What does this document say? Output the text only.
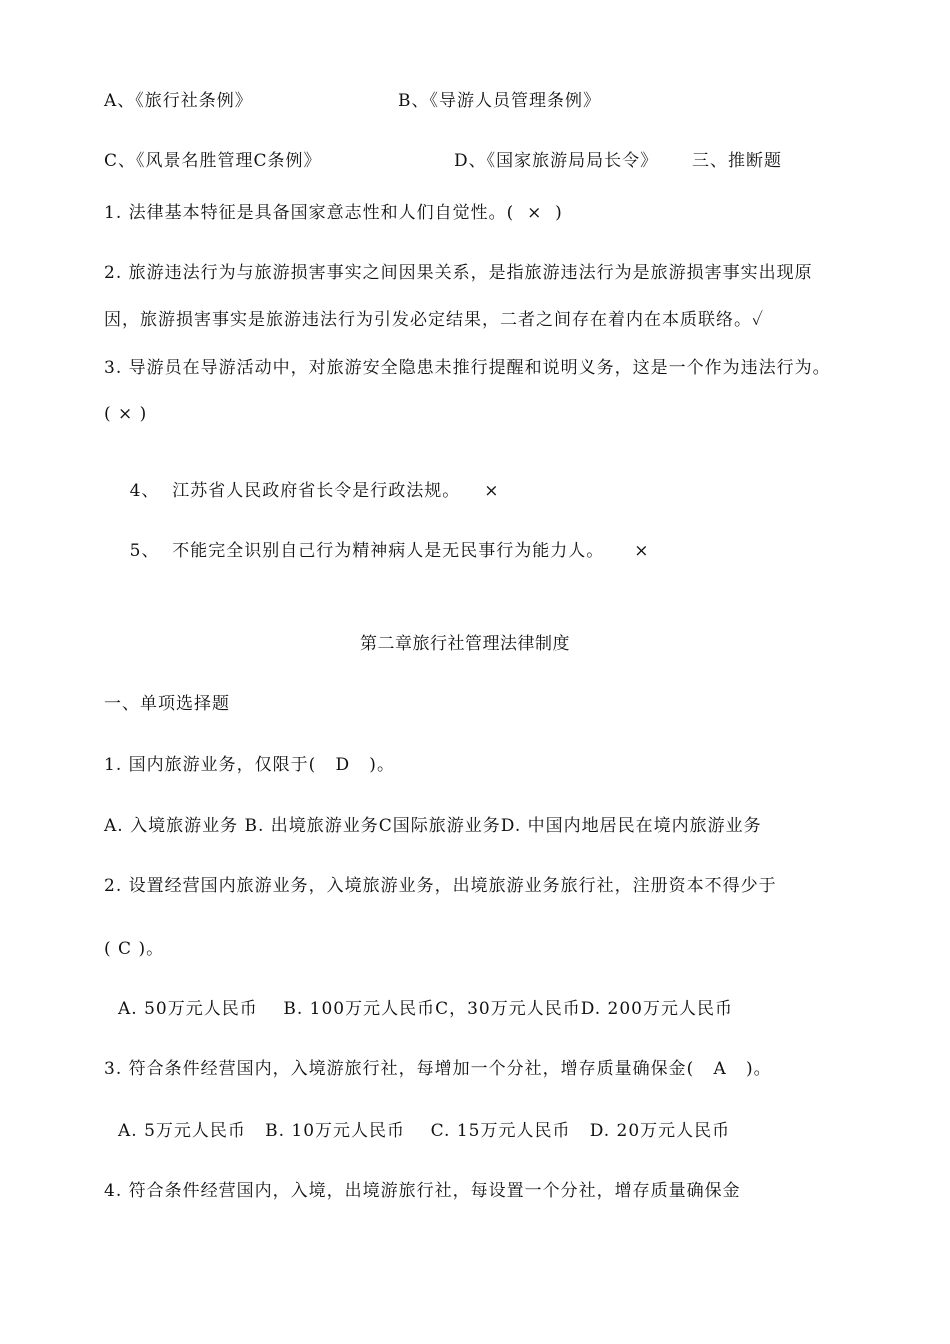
A、《旅行社条例》	B、《导游人员管理条例》
C、《风景名胜管理C条例》	D、《国家旅游局局长令》 三、推断题
1. 法律基本特征是具备国家意志性和人们自觉性。(  ×  )
2. 旅游违法行为与旅游损害事实之间因果关系，是指旅游违法行为是旅游损害事实出现原
因，旅游损害事实是旅游违法行为引发必定结果，二者之间存在着内在本质联络。✓
3. 导游员在导游活动中，对旅游安全隐患未推行提醒和说明义务，这是一个作为违法行为。
( × )

4、  江苏省人民政府省长令是行政法规。 ×

5、  不能完全识别自己行为精神病人是无民事行为能力人。 ×

第二章旅行社管理法律制度
一、单项选择题
1. 国内旅游业务，仅限于(   D   )。
A. 入境旅游业务 B. 出境旅游业务C国际旅游业务D. 中国内地居民在境内旅游业务
2. 设置经营国内旅游业务，入境旅游业务，出境旅游业务旅行社，注册资本不得少于
( C )。
A. 50万元人民币    B. 100万元人民币C，30万元人民币D. 200万元人民币
3. 符合条件经营国内，入境游旅行社，每增加一个分社，增存质量确保金(   A   )。
A. 5万元人民币   B. 10万元人民币    C. 15万元人民币   D. 20万元人民币
4. 符合条件经营国内，入境，出境游旅行社，每设置一个分社，增存质量确保金
